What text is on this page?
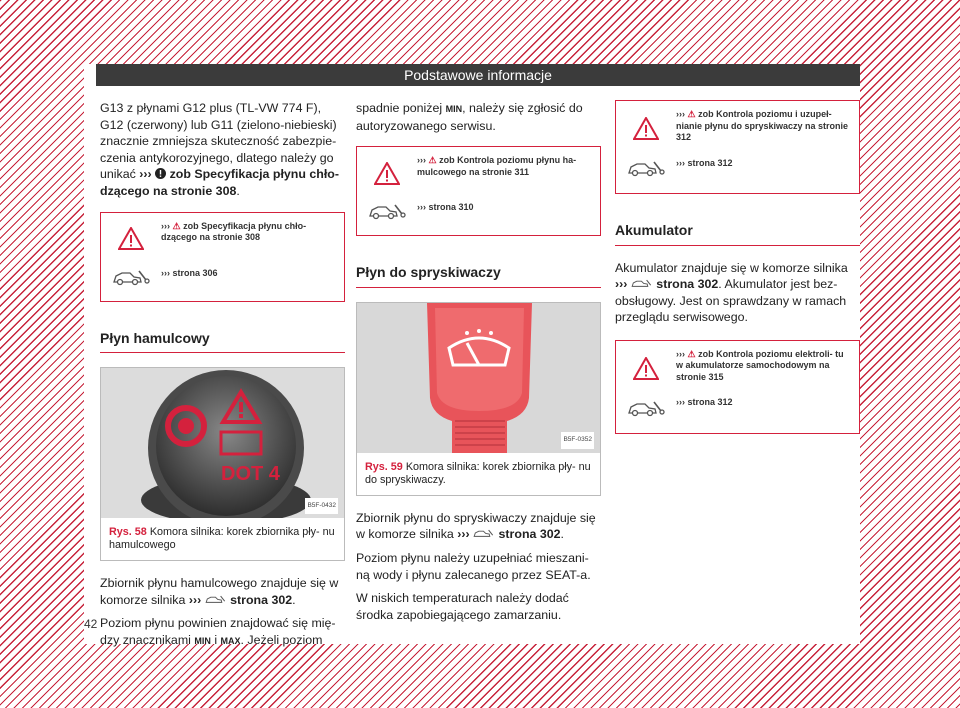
Podstawowe informacje
42

G13 z płynami G12 plus (TL-VW 774 F),
G12 (czerwony) lub G11 (zielono-niebieski)
znacznie zmniejsza skuteczność zabezpie-
czenia antykorozyjnego, dlatego należy go
unikać ››› zob Specyfikacja płynu chło-
dzącego na stronie 308.

››› ⚠ zob Specyfikacja płynu chło- dzącego na stronie 308
››› strona 306
Płyn hamulcowy
DOT 4
B5F-0432
Rys. 58 Komora silnika: korek zbiornika pły- nu hamulcowego

Zbiornik płynu hamulcowego znajduje się w komorze silnika ››› strona 302.

Poziom płynu powinien znajdować się mię- dzy znacznikami MIN i MAX. Jeżeli poziom

spadnie poniżej MIN, należy się zgłosić do autoryzowanego serwisu.

››› ⚠ zob Kontrola poziomu płynu ha- mulcowego na stronie 311
››› strona 310
Płyn do spryskiwaczy
B5F-0352
Rys. 59 Komora silnika: korek zbiornika pły- nu do spryskiwaczy.

Zbiornik płynu do spryskiwaczy znajduje się w komorze silnika ››› strona 302.

Poziom płynu należy uzupełniać mieszani- ną wody i płynu zalecanego przez SEAT-a.

W niskich temperaturach należy dodać środka zapobiegającego zamarzaniu.

››› ⚠ zob Kontrola poziomu i uzupeł- nianie płynu do spryskiwaczy na stronie 312
››› strona 312
Akumulator

Akumulator znajduje się w komorze silnika ››› strona 302. Akumulator jest bez- obsługowy. Jest on sprawdzany w ramach przeglądu serwisowego.

››› ⚠ zob Kontrola poziomu elektroli- tu w akumulatorze samochodowym na stronie 315
››› strona 312
